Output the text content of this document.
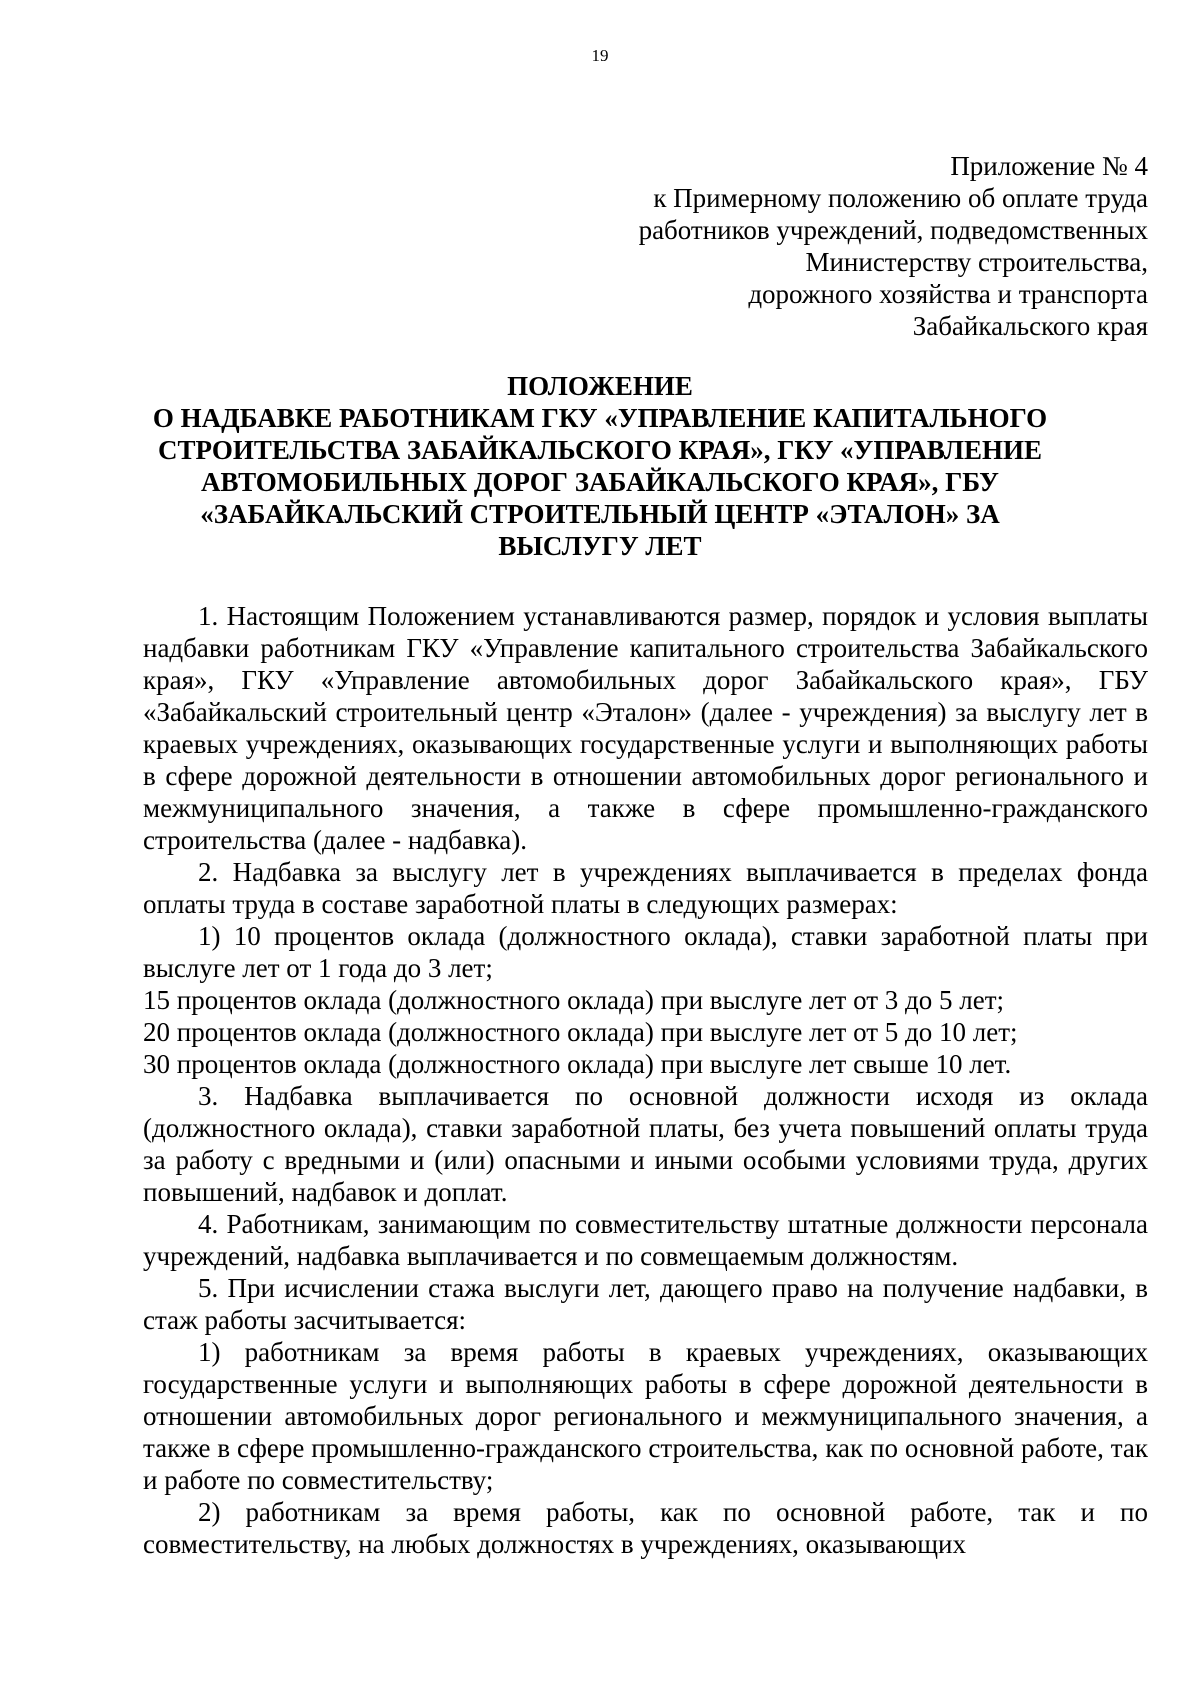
19
Приложение № 4
к Примерному положению об оплате труда
работников учреждений, подведомственных
Министерству строительства,
дорожного хозяйства и транспорта
Забайкальского края
ПОЛОЖЕНИЕ
О НАДБАВКЕ РАБОТНИКАМ ГКУ «УПРАВЛЕНИЕ КАПИТАЛЬНОГО
СТРОИТЕЛЬСТВА ЗАБАЙКАЛЬСКОГО КРАЯ», ГКУ «УПРАВЛЕНИЕ
АВТОМОБИЛЬНЫХ ДОРОГ ЗАБАЙКАЛЬСКОГО КРАЯ», ГБУ
«ЗАБАЙКАЛЬСКИЙ СТРОИТЕЛЬНЫЙ ЦЕНТР «ЭТАЛОН» ЗА
ВЫСЛУГУ ЛЕТ

1. Настоящим Положением устанавливаются размер, порядок и условия выплаты надбавки работникам ГКУ «Управление капитального строительства Забайкальского края», ГКУ «Управление автомобильных дорог Забайкальского края», ГБУ «Забайкальский строительный центр «Эталон» (далее - учреждения) за выслугу лет в краевых учреждениях, оказывающих государственные услуги и выполняющих работы в сфере дорожной деятельности в отношении автомобильных дорог регионального и межмуниципального значения, а также в сфере промышленно-гражданского строительства (далее - надбавка).

2. Надбавка за выслугу лет в учреждениях выплачивается в пределах фонда оплаты труда в составе заработной платы в следующих размерах:

1) 10 процентов оклада (должностного оклада), ставки заработной платы при выслуге лет от 1 года до 3 лет;

15 процентов оклада (должностного оклада) при выслуге лет от 3 до 5 лет;

20 процентов оклада (должностного оклада) при выслуге лет от 5 до 10 лет;

30 процентов оклада (должностного оклада) при выслуге лет свыше 10 лет.

3. Надбавка выплачивается по основной должности исходя из оклада (должностного оклада), ставки заработной платы, без учета повышений оплаты труда за работу с вредными и (или) опасными и иными особыми условиями труда, других повышений, надбавок и доплат.

4. Работникам, занимающим по совместительству штатные должности персонала учреждений, надбавка выплачивается и по совмещаемым должностям.

5. При исчислении стажа выслуги лет, дающего право на получение надбавки, в стаж работы засчитывается:

1) работникам за время работы в краевых учреждениях, оказывающих государственные услуги и выполняющих работы в сфере дорожной деятельности в отношении автомобильных дорог регионального и межмуниципального значения, а также в сфере промышленно-гражданского строительства, как по основной работе, так и работе по совместительству;

2) работникам за время работы, как по основной работе, так и по совместительству, на любых должностях в учреждениях, оказывающих
